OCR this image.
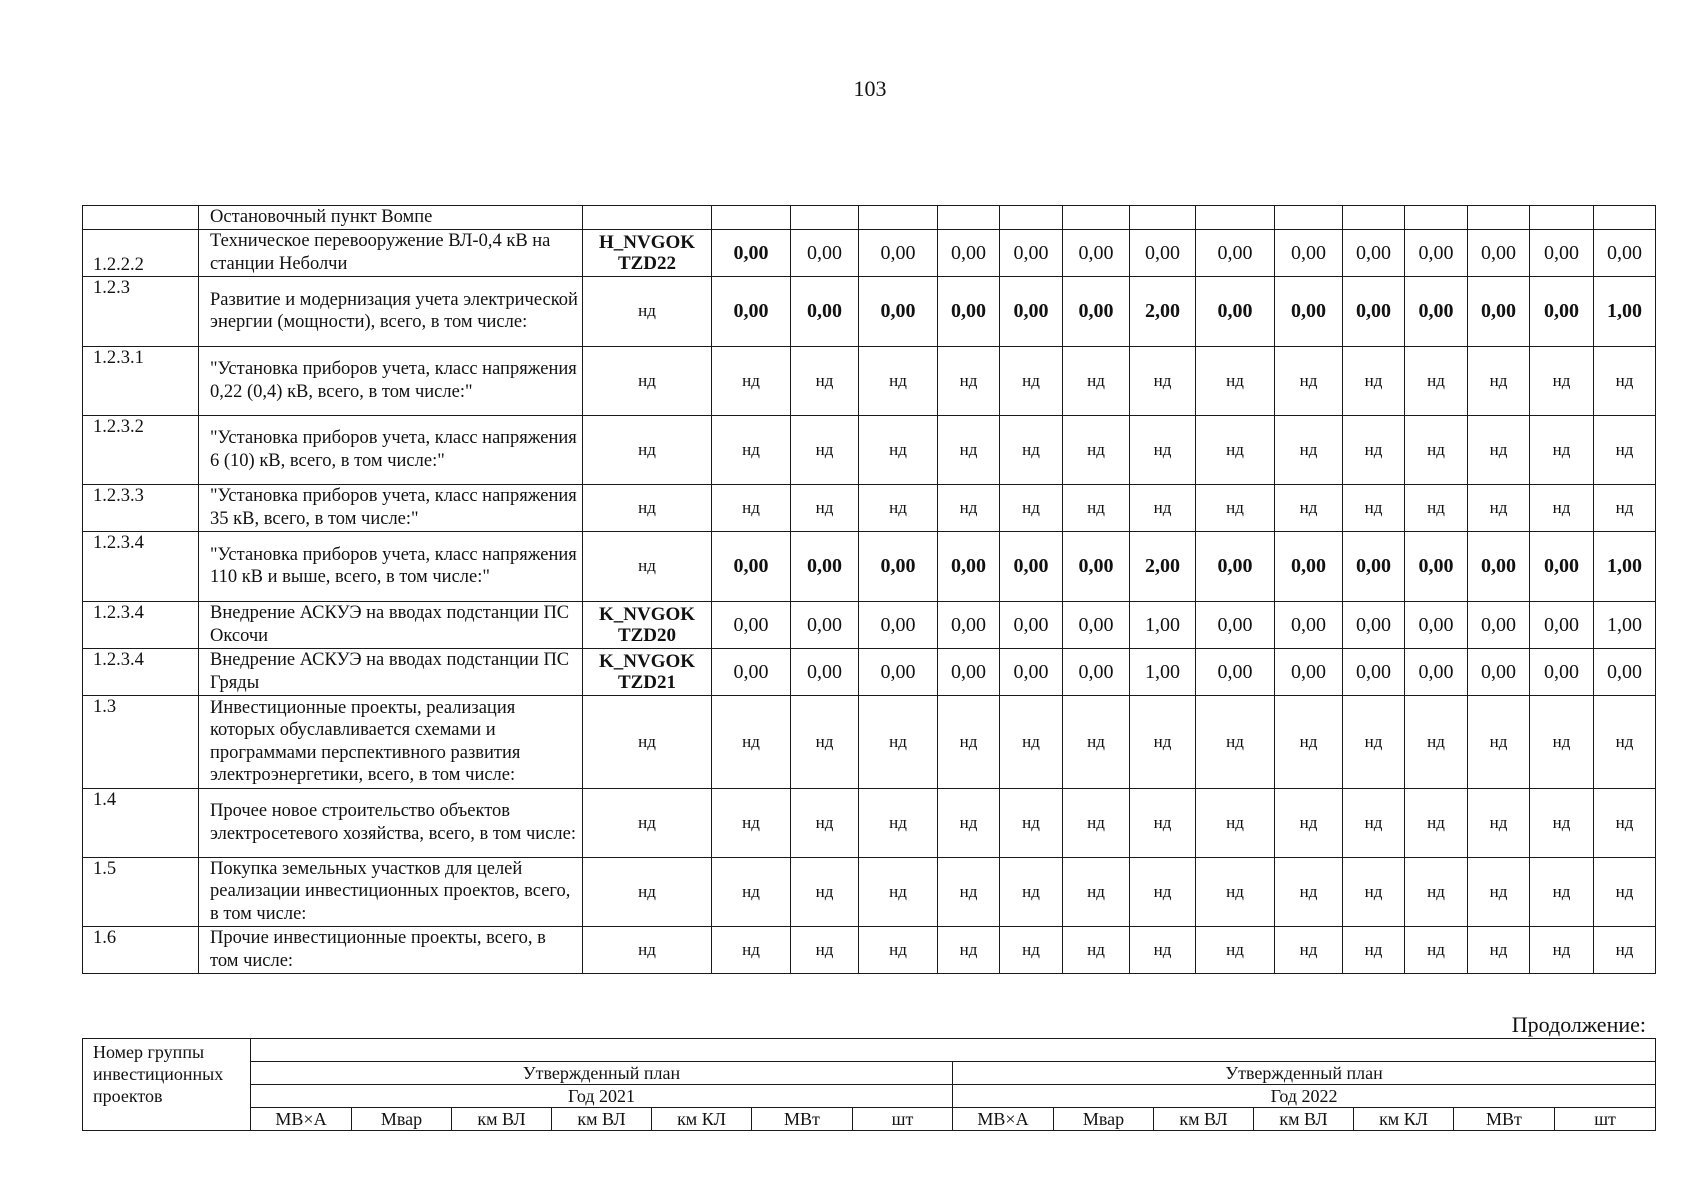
103
	Остановочный пункт Вомпе															
1.2.2.2	Техническое перевооружение ВЛ-0,4 кВ на станции Неболчи	H_NVGOK TZD22	0,00	0,00	0,00	0,00	0,00	0,00	0,00	0,00	0,00	0,00	0,00	0,00	0,00	0,00
1.2.3	Развитие и модернизация учета электрической энергии (мощности), всего, в том числе:	нд	0,00	0,00	0,00	0,00	0,00	0,00	2,00	0,00	0,00	0,00	0,00	0,00	0,00	1,00
1.2.3.1	"Установка приборов учета, класс напряжения 0,22 (0,4) кВ, всего, в том числе:"	нд	нд	нд	нд	нд	нд	нд	нд	нд	нд	нд	нд	нд	нд	нд
1.2.3.2	"Установка приборов учета, класс напряжения 6 (10) кВ, всего, в том числе:"	нд	нд	нд	нд	нд	нд	нд	нд	нд	нд	нд	нд	нд	нд	нд
1.2.3.3	"Установка приборов учета, класс напряжения 35 кВ, всего, в том числе:"	нд	нд	нд	нд	нд	нд	нд	нд	нд	нд	нд	нд	нд	нд	нд
1.2.3.4	"Установка приборов учета, класс напряжения 110 кВ и выше, всего, в том числе:"	нд	0,00	0,00	0,00	0,00	0,00	0,00	2,00	0,00	0,00	0,00	0,00	0,00	0,00	1,00
1.2.3.4	Внедрение АСКУЭ на вводах подстанции ПС Оксочи	K_NVGOK TZD20	0,00	0,00	0,00	0,00	0,00	0,00	1,00	0,00	0,00	0,00	0,00	0,00	0,00	1,00
1.2.3.4	Внедрение АСКУЭ на вводах подстанции ПС Гряды	K_NVGOK TZD21	0,00	0,00	0,00	0,00	0,00	0,00	1,00	0,00	0,00	0,00	0,00	0,00	0,00	0,00
1.3	Инвестиционные проекты, реализация которых обуславливается схемами и программами перспективного развития электроэнергетики, всего, в том числе:	нд	нд	нд	нд	нд	нд	нд	нд	нд	нд	нд	нд	нд	нд	нд
1.4	Прочее новое строительство объектов электросетевого хозяйства, всего, в том числе:	нд	нд	нд	нд	нд	нд	нд	нд	нд	нд	нд	нд	нд	нд	нд
1.5	Покупка земельных участков для целей реализации инвестиционных проектов, всего, в том числе:	нд	нд	нд	нд	нд	нд	нд	нд	нд	нд	нд	нд	нд	нд	нд
1.6	Прочие инвестиционные проекты, всего, в том числе:	нд	нд	нд	нд	нд	нд	нд	нд	нд	нд	нд	нд	нд	нд	нд
Продолжение:
Номер группы инвестиционных проектов														
	Утвержденный план							Утвержденный план						
	Год 2021							Год 2022						
	МВ×А	Мвар	км ВЛ	км ВЛ	км КЛ	МВт	шт	МВ×А	Мвар	км ВЛ	км ВЛ	км КЛ	МВт	шт
